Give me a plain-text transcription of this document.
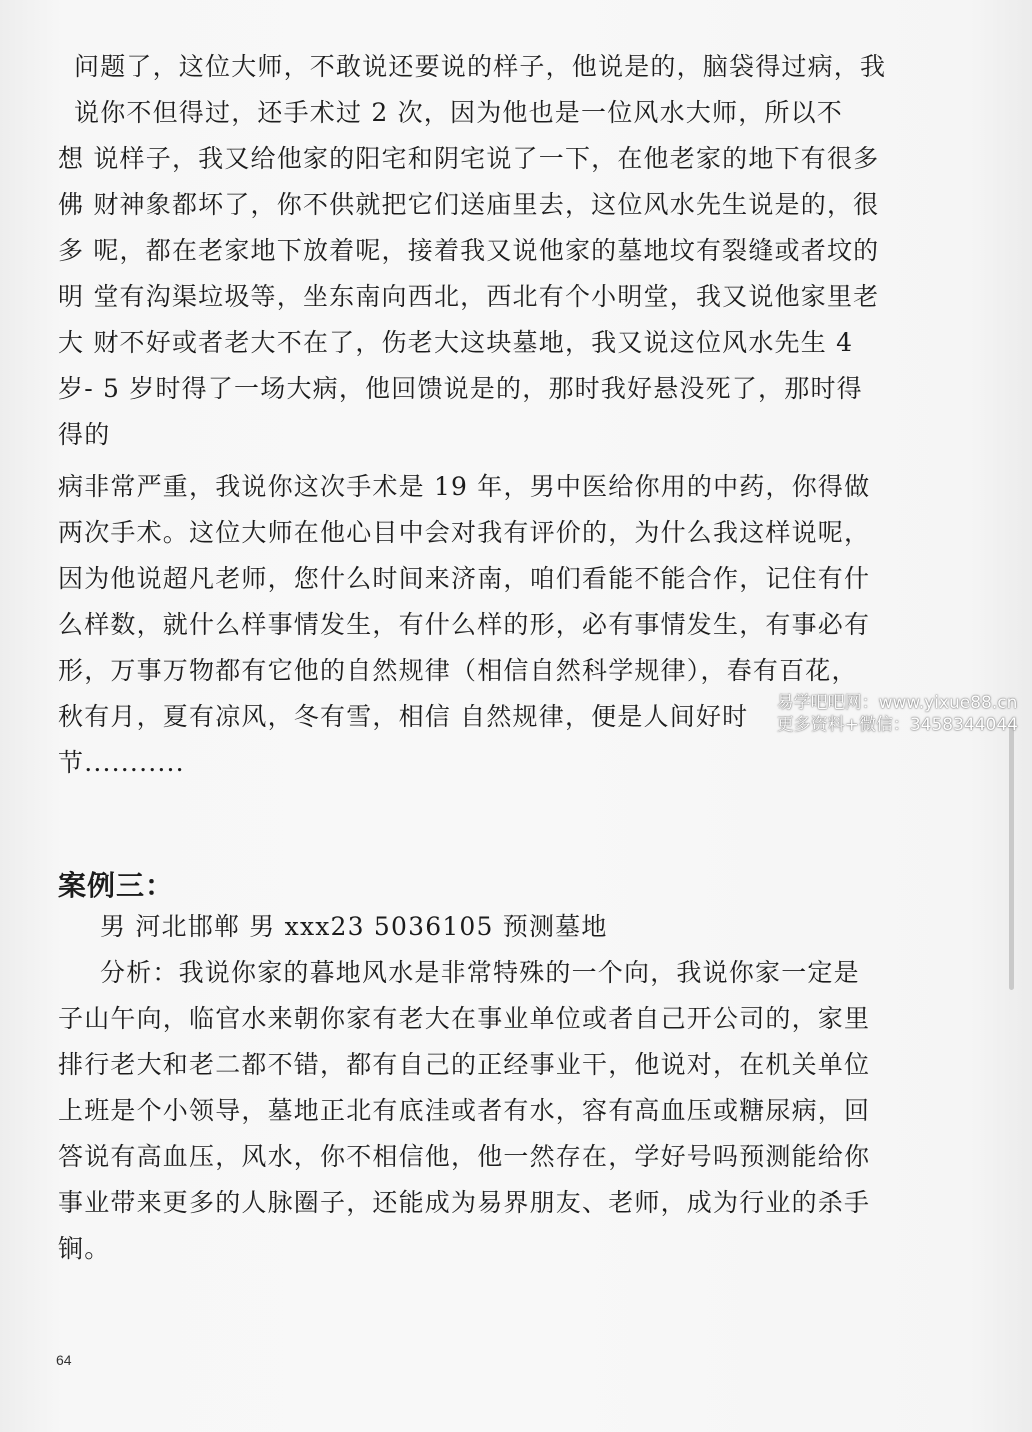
问题了，这位大师，不敢说还要说的样子，他说是的，脑袋得过病，我
说你不但得过，还手术过 2 次，因为他也是一位风水大师，所以不
想 说样子，我又给他家的阳宅和阴宅说了一下，在他老家的地下有很多
佛 财神象都坏了，你不供就把它们送庙里去，这位风水先生说是的，很
多 呢，都在老家地下放着呢，接着我又说他家的墓地坟有裂缝或者坟的
明 堂有沟渠垃圾等，坐东南向西北，西北有个小明堂，我又说他家里老
大 财不好或者老大不在了，伤老大这块墓地，我又说这位风水先生 4
岁- 5 岁时得了一场大病，他回馈说是的，那时我好悬没死了，那时得
得的
病非常严重，我说你这次手术是 19 年，男中医给你用的中药，你得做
两次手术。这位大师在他心目中会对我有评价的，为什么我这样说呢，
因为他说超凡老师，您什么时间来济南，咱们看能不能合作，记住有什
么样数，就什么样事情发生，有什么样的形，必有事情发生，有事必有
形，万事万物都有它他的自然规律（相信自然科学规律），春有百花，
秋有月，夏有凉风，冬有雪，相信 自然规律，便是人间好时
节...........
案例三：
男 河北邯郸 男 xxx23 5036105 预测墓地
分析：我说你家的暮地风水是非常特殊的一个向，我说你家一定是
子山午向，临官水来朝你家有老大在事业单位或者自己开公司的，家里
排行老大和老二都不错，都有自己的正经事业干，他说对，在机关单位
上班是个小领导，墓地正北有底洼或者有水，容有高血压或糖尿病，回
答说有高血压，风水，你不相信他，他一然存在，学好号吗预测能给你
事业带来更多的人脉圈子，还能成为易界朋友、老师，成为行业的杀手
锏。
64
易学吧吧网：www.yixue88.cn
更多资料+微信：3458344044
